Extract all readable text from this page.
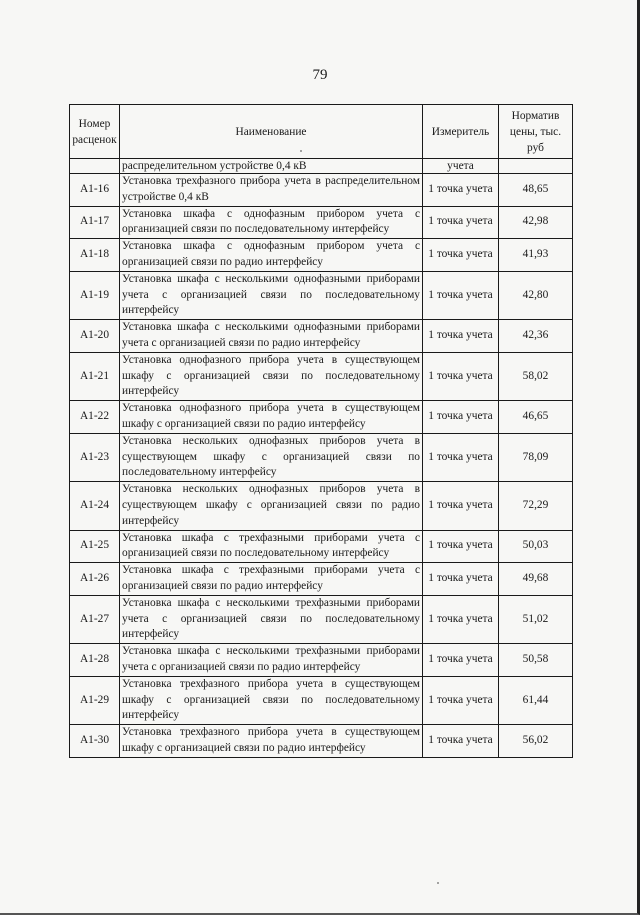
79
Номер расценок	Наименование	Измеритель	Норматив цены, тыс. руб
	распределительном устройстве 0,4 кВ	учета	
А1-16	Установка трехфазного прибора учета в распределительном устройстве 0,4 кВ	1 точка учета	48,65
А1-17	Установка шкафа с однофазным прибором учета с организацией связи по последовательному интерфейсу	1 точка учета	42,98
А1-18	Установка шкафа с однофазным прибором учета с организацией связи по радио интерфейсу	1 точка учета	41,93
А1-19	Установка шкафа с несколькими однофазными приборами учета с организацией связи по последовательному интерфейсу	1 точка учета	42,80
А1-20	Установка шкафа с несколькими однофазными приборами учета с организацией связи по радио интерфейсу	1 точка учета	42,36
А1-21	Установка однофазного прибора учета в существующем шкафу с организацией связи по последовательному интерфейсу	1 точка учета	58,02
А1-22	Установка однофазного прибора учета в существующем шкафу с организацией связи по радио интерфейсу	1 точка учета	46,65
А1-23	Установка нескольких однофазных приборов учета в существующем шкафу с организацией связи по последовательному интерфейсу	1 точка учета	78,09
А1-24	Установка нескольких однофазных приборов учета в существующем шкафу с организацией связи по радио интерфейсу	1 точка учета	72,29
А1-25	Установка шкафа с трехфазными приборами учета с организацией связи по последовательному интерфейсу	1 точка учета	50,03
А1-26	Установка шкафа с трехфазными приборами учета с организацией связи по радио интерфейсу	1 точка учета	49,68
А1-27	Установка шкафа с несколькими трехфазными приборами учета с организацией связи по последовательному интерфейсу	1 точка учета	51,02
А1-28	Установка шкафа с несколькими трехфазными приборами учета с организацией связи по радио интерфейсу	1 точка учета	50,58
А1-29	Установка трехфазного прибора учета в существующем шкафу с организацией связи по последовательному интерфейсу	1 точка учета	61,44
А1-30	Установка трехфазного прибора учета в существующем шкафу с организацией связи по радио интерфейсу	1 точка учета	56,02
